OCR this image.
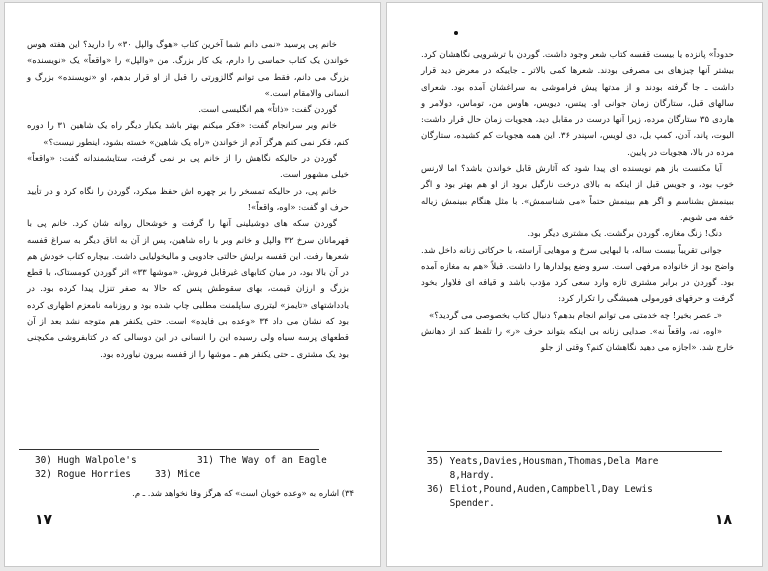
خانم پی پرسید «نمی دانم شما آخرین کتاب «هوگ والپل ۳۰» را دارید؟ این هفته هوس خواندن یک کتاب حماسی را دارم، یک کار بزرگ. من «والپل» را «واقعاً» یک «نویسنده» بزرگ می دانم، فقط می توانم گالزورتی را قبل از او قرار بدهم، او «نویسنده» بزرگ و انسانی والامقام است.»

گوردن گفت: «ذاتاً» هم انگلیسی است.

خانم وبر سرانجام گفت: «فکر میکنم بهتر باشد یکبار دیگر راه یک شاهین ۳۱ را دوره کنم، فکر نمی کنم هرگز آدم از خواندن «راه یک شاهین» خسته بشود، اینطور نیست؟»

گوردن در حالیکه نگاهش را از خانم پی بر نمی گرفت، ستایشمندانه گفت: «واقعاً» خیلی مشهور است.

خانم پی، در حالیکه تمسخر را بر چهره اش حفظ میکرد، گوردن را نگاه کرد و در تأیید حرف او گفت: «اوه، واقعاً»!

گوردن سکه های دوشیلینی آنها را گرفت و خوشحال روانه شان کرد. خانم پی با فهرمانان سرخ ۳۲ والپل و خانم وبر با راه شاهین، پس از آن به اتاق دیگر به سراغ قفسه شعرها رفت. این قفسه برایش حالتی جادویی و مالیخولیایی داشت. بیچاره کتاب خودش هم در آن بالا بود، در میان کتابهای غیرقابل فروش. «موشها ۳۳» اثر گوردن کومستاک، با قطع بزرگ و ارزان قیمت، بهای سقوطش پنس که حالا به صفر تنزل پیدا کرده بود. در یادداشتهای «تایمز» لیترری ساپلمنت مطلبی چاپ شده بود و روزنامه نامعزم اظهاری کرده بود که نشان می داد ۳۴ «وعده بی فایده» است. حتی یکنفر هم متوجه نشد بعد از آن قطعهای پرسه سیاه ولی رسیده این را انسانی در این دوسالی که در کتابفروشی مکیچنی بود یک مشتری ـ حتی یکنفر هم ـ موشها را از قفسه بیرون نیاورده بود.

30) Hugh Walpole's	31) The Way of an Eagle
32) Rogue Horries	33) Mice
۳۴) اشاره به «وعده خوبان است» که هرگز وفا نخواهد شد. ـ م.
۱۷

حدوداً» پانزده یا بیست قفسه کتاب شعر وجود داشت. گوردن با ترشرویی نگاهشان کرد. بیشتر آنها چیزهای بی مصرفی بودند. شعرها کمی بالاتر ـ جاییکه در معرض دید قرار داشت ـ جا گرفته بودند و از مدتها پیش فراموشی به سراغشان آمده بود. شعرای سالهای قبل، ستارگان زمان جوانی او. پیتس، دیویس، هاوس من، توماس، دولامر و هاردی ۳۵ ستارگان مرده، زیرا آنها درست در مقابل دید، هجویات زمان حال قرار داشت: الیوت، پاند، آدن، کمپ بل، دی لویس، اسپندر ۳۶. این همه هجویات کم کشیده، ستارگان مرده در بالا، هجویات در پایین.

آیا مکنست باز هم نویسنده ای پیدا شود که آثارش قابل خواندن باشد؟ اما لارنس خوب بود، و جویس قبل از اینکه به بالای درخت نارگیل برود از او هم بهتر بود و اگر ببینمش بشناسم و اگر هم ببینمش حتماً «می شناسمش». با مثل هنگام ببینمش زیاله خفه می شویم.

دنگ! زنگ مغازه. گوردن برگشت. یک مشتری دیگر بود.

جوانی تقریباً بیست ساله، با لبهایی سرخ و موهایی آراسته، با حرکاتی زنانه داخل شد. واضح بود از خانواده مرفهی است. سرو وضع پولدارها را داشت. قبلاً «هم به مغازه آمده بود. گوردن در برابر مشتری تازه وارد سعی کرد مؤدب باشد و قیافه ای فلاوار بخود گرفت و حرفهای فورمولی همیشگی را تکرار کرد:

«ـ عصر بخیر! چه خدمتی می توانم انجام بدهم؟ دنبال کتاب بخصوصی می گردید؟»

«اوه، نه، واقعاً نه». صدایی زنانه بی اینکه بتواند حرف «ر» را تلفظ کند از دهانش خارج شد. «اجازه می دهید نگاهشان کنم؟ وقتی از جلو

35) Yeats,Davies,Housman,Thomas,Dela Mare
8,Hardy.
36) Eliot,Pound,Auden,Campbell,Day Lewis
Spender.
۱۸
